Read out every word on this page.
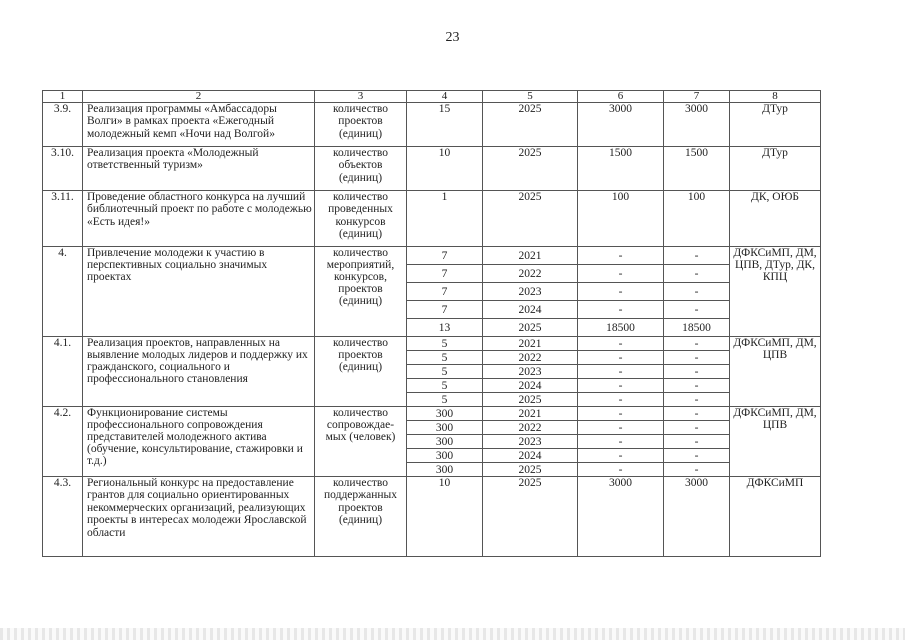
23
1	2	3	4	5	6	7	8
3.9.	Реализация программы «Амбассадоры Волги» в рамках проекта «Ежегодный молодежный кемп «Ночи над Волгой»	количество проектов (единиц)	15	2025	3000	3000	ДТур
3.10.	Реализация проекта «Молодежный ответственный туризм»	количество объектов (единиц)	10	2025	1500	1500	ДТур
3.11.	Проведение областного конкурса на лучший библиотечный проект по работе с молодежью «Есть идея!»	количество проведенных конкурсов (единиц)	1	2025	100	100	ДК, ОЮБ
4.	Привлечение молодежи к участию в перспективных социально значимых проектах	количество мероприятий, конкурсов, проектов (единиц)	7	2021	-	-	ДФКСиМП, ДМ, ЦПВ, ДТур, ДК, КПЦ
			7	2022	-	-	
			7	2023	-	-	
			7	2024	-	-	
			13	2025	18500	18500	
4.1.	Реализация проектов, направленных на выявление молодых лидеров и поддержку их гражданского, социального и профессионального становления	количество проектов (единиц)	5	2021	-	-	ДФКСиМП, ДМ, ЦПВ
			5	2022	-	-	
			5	2023	-	-	
			5	2024	-	-	
			5	2025	-	-	
4.2.	Функционирование системы профессионального сопровождения представителей молодежного актива (обучение, консультирование, стажировки и т.д.)	количество сопровождае-мых (человек)	300	2021	-	-	ДФКСиМП, ДМ, ЦПВ
			300	2022	-	-	
			300	2023	-	-	
			300	2024	-	-	
			300	2025	-	-	
4.3.	Региональный конкурс на предоставление грантов для социально ориентированных некоммерческих организаций, реализующих проекты в интересах молодежи Ярославской области	количество поддержанных проектов (единиц)	10	2025	3000	3000	ДФКСиМП
